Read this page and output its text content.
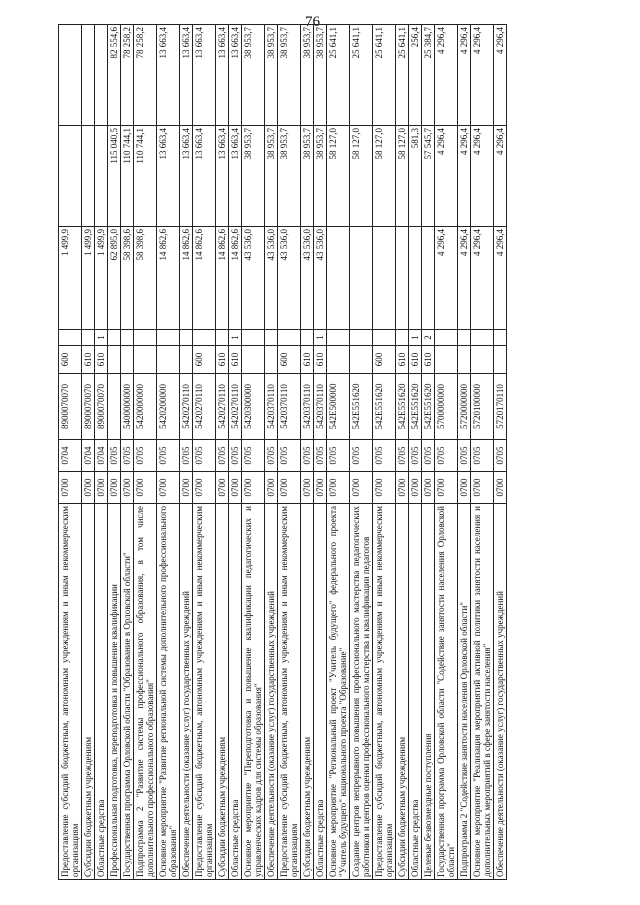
76
Предоставление субсидий бюджетным, автономным учреждениям и иным некоммерческим организациям	0700	0704	8900070070	600		1 499,9		
Субсидии бюджетным учреждениям	0700	0704	8900070070	610		1 499,9		
Областные средства	0700	0704	8900070070	610	1	1 499,9		
Профессиональная подготовка, переподготовка и повышение квалификации	0700	0705				62 895,0	115 040,5	82 554,6
Государственная программа Орловской области "Образование в Орловской области"	0700	0705	5400000000			58 398,6	110 744,1	78 258,2
Подпрограмма 2 "Развитие системы профессионального образования, в том числе дополнительного профессионального образования"	0700	0705	5420000000			58 398,6	110 744,1	78 258,2
Основное мероприятие "Развитие региональной системы дополнительного профессионального образования"	0700	0705	5420200000			14 862,6	13 663,4	13 663,4
Обеспечение деятельности (оказание услуг) государственных учреждений	0700	0705	5420270110			14 862,6	13 663,4	13 663,4
Предоставление субсидий бюджетным, автономным учреждениям и иным некоммерческим организациям	0700	0705	5420270110	600		14 862,6	13 663,4	13 663,4
Субсидии бюджетным учреждениям	0700	0705	5420270110	610		14 862,6	13 663,4	13 663,4
Областные средства	0700	0705	5420270110	610	1	14 862,6	13 663,4	13 663,4
Основное мероприятие "Переподготовка и повышение квалификации педагогических и управленческих кадров для системы образования"	0700	0705	5420300000			43 536,0	38 953,7	38 953,7
Обеспечение деятельности (оказание услуг) государственных учреждений	0700	0705	5420370110			43 536,0	38 953,7	38 953,7
Предоставление субсидий бюджетным, автономным учреждениям и иным некоммерческим организациям	0700	0705	5420370110	600		43 536,0	38 953,7	38 953,7
Субсидии бюджетным учреждениям	0700	0705	5420370110	610		43 536,0	38 953,7	38 953,7
Областные средства	0700	0705	5420370110	610	1	43 536,0	38 953,7	38 953,7
Основное мероприятие "Региональный проект "Учитель будущего" федерального проекта "Учитель будущего" национального проекта "Образование"	0700	0705	542E500000				58 127,0	25 641,1
Создание центров непрерывного повышения профессионального мастерства педагогических работников и центров оценки профессионального мастерства и квалификации педагогов	0700	0705	542E551620				58 127,0	25 641,1
Предоставление субсидий бюджетным, автономным учреждениям и иным некоммерческим организациям	0700	0705	542E551620	600			58 127,0	25 641,1
Субсидии бюджетным учреждениям	0700	0705	542E551620	610			58 127,0	25 641,1
Областные средства	0700	0705	542E551620	610	1		581,3	256,4
Целевые безвозмездные поступления	0700	0705	542E551620	610	2		57 545,7	25 384,7
Государственная программа Орловской области "Содействие занятости населения Орловской области"	0700	0705	5700000000			4 296,4	4 296,4	4 296,4
Подпрограмма 2 "Содействие занятости населения Орловской области"	0700	0705	5720000000			4 296,4	4 296,4	4 296,4
Основное мероприятие "Реализация мероприятий активной политики занятости населения и дополнительных мероприятий в сфере занятости населения"	0700	0705	5720100000			4 296,4	4 296,4	4 296,4
Обеспечение деятельности (оказание услуг) государственных учреждений	0700	0705	5720170110			4 296,4	4 296,4	4 296,4
